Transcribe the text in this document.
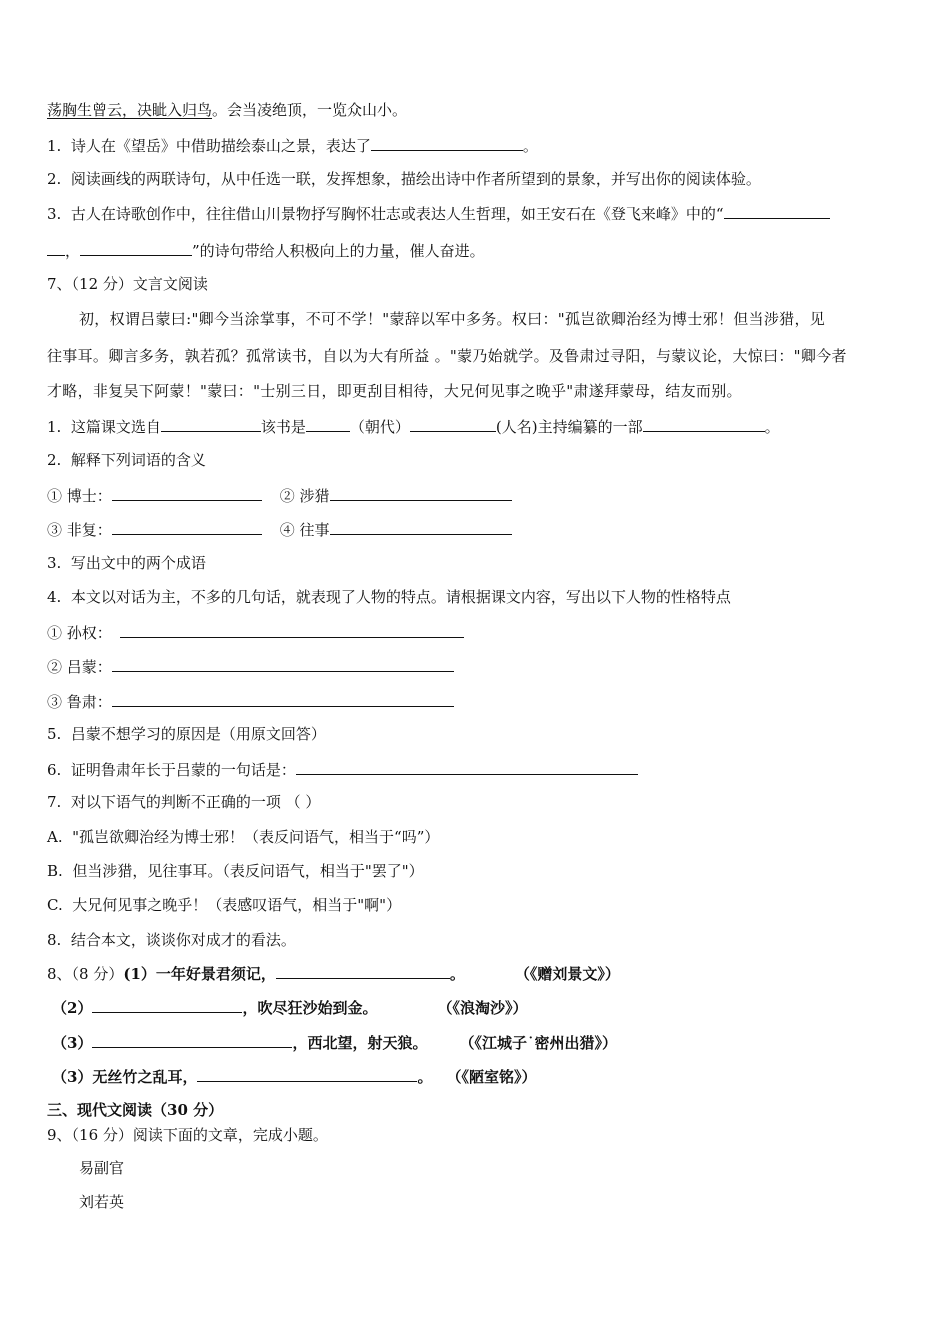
荡胸生曾云，决眦入归鸟。会当凌绝顶，一览众山小。
1. 诗人在《望岳》中借助描绘泰山之景，表达了	。
2. 阅读画线的两联诗句，从中任选一联，发挥想象，描绘出诗中作者所望到的景象，并写出你的阅读体验。
3. 古人在诗歌创作中，往往借山川景物抒写胸怀壮志或表达人生哲理，如王安石在《登飞来峰》中的“
，	”的诗句带给人积极向上的力量，催人奋进。
7、（12 分）文言文阅读
初，权谓吕蒙曰:"卿今当涂掌事，不可不学！"蒙辞以军中多务。权曰："孤岂欲卿治经为博士邪！但当涉猎，见
往事耳。卿言多务，孰若孤？孤常读书，自以为大有所益 。"蒙乃始就学。及鲁肃过寻阳，与蒙议论，大惊曰："卿今者
才略，非复吴下阿蒙！"蒙曰："士别三日，即更刮目相待，大兄何见事之晚乎"肃遂拜蒙母，结友而别。
1. 这篇课文选自	该书是	（朝代）	(人名)主持编纂的一部	。
2. 解释下列词语的含义
① 博士：	② 涉猎
③ 非复：	④ 往事
3. 写出文中的两个成语
4. 本文以对话为主，不多的几句话，就表现了人物的特点。请根据课文内容，写出以下人物的性格特点
① 孙权：
② 吕蒙：
③ 鲁肃：
5. 吕蒙不想学习的原因是（用原文回答）
6. 证明鲁肃年长于吕蒙的一句话是：
7. 对以下语气的判断不正确的一项 （ ）
A. "孤岂欲卿治经为博士邪！（表反问语气，相当于“吗”）
B. 但当涉猎，见往事耳。（表反问语气，相当于"罢了"）
C. 大兄何见事之晚乎！（表感叹语气，相当于"啊"）
8. 结合本文，谈谈你对成才的看法。
8、（8 分）(1）一年好景君须记，	。	（《赠刘景文》）
（2）	，吹尽狂沙始到金。	（《浪淘沙》）
（3）	，西北望，射天狼。 （《江城子˙密州出猎》）
（3）无丝竹之乱耳，	。 （《陋室铭》）
三、现代文阅读（30 分）
9、（16 分）阅读下面的文章，完成小题。
易副官
刘若英
